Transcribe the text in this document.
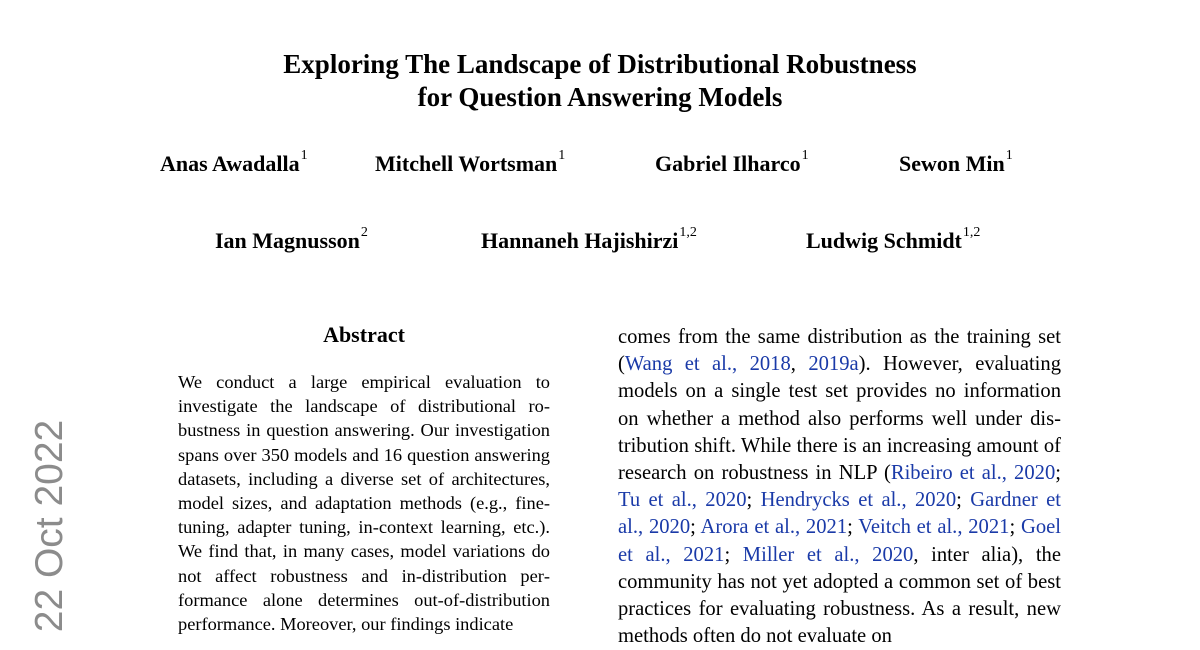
22 Oct 2022
Exploring The Landscape of Distributional Robustness
for Question Answering Models
Anas Awadalla$^1$	Mitchell Wortsman$^1$	Gabriel Ilharco$^1$	Sewon Min$^1$
Ian Magnusson$^2$	Hannaneh Hajishirzi$^{1,2}$	Ludwig Schmidt$^{1,2}$
Abstract
We conduct a large empirical evaluation to investigate the landscape of distributional robustness in question answering. Our investigation spans over 350 models and 16 question answering datasets, including a diverse set of architectures, model sizes, and adaptation methods (e.g., fine-tuning, adapter tuning, in-context learning, etc.). We find that, in many cases, model variations do not affect robustness and in-distribution performance alone determines out-of-distribution performance. Moreover, our findings indicate
comes from the same distribution as the training set (Wang et al., 2018, 2019a). However, evaluating models on a single test set provides no information on whether a method also performs well under distribution shift. While there is an increasing amount of research on robustness in NLP (Ribeiro et al., 2020; Tu et al., 2020; Hendrycks et al., 2020; Gardner et al., 2020; Arora et al., 2021; Veitch et al., 2021; Goel et al., 2021; Miller et al., 2020, inter alia), the community has not yet adopted a common set of best practices for evaluating robustness. As a result, new methods often do not evaluate on
